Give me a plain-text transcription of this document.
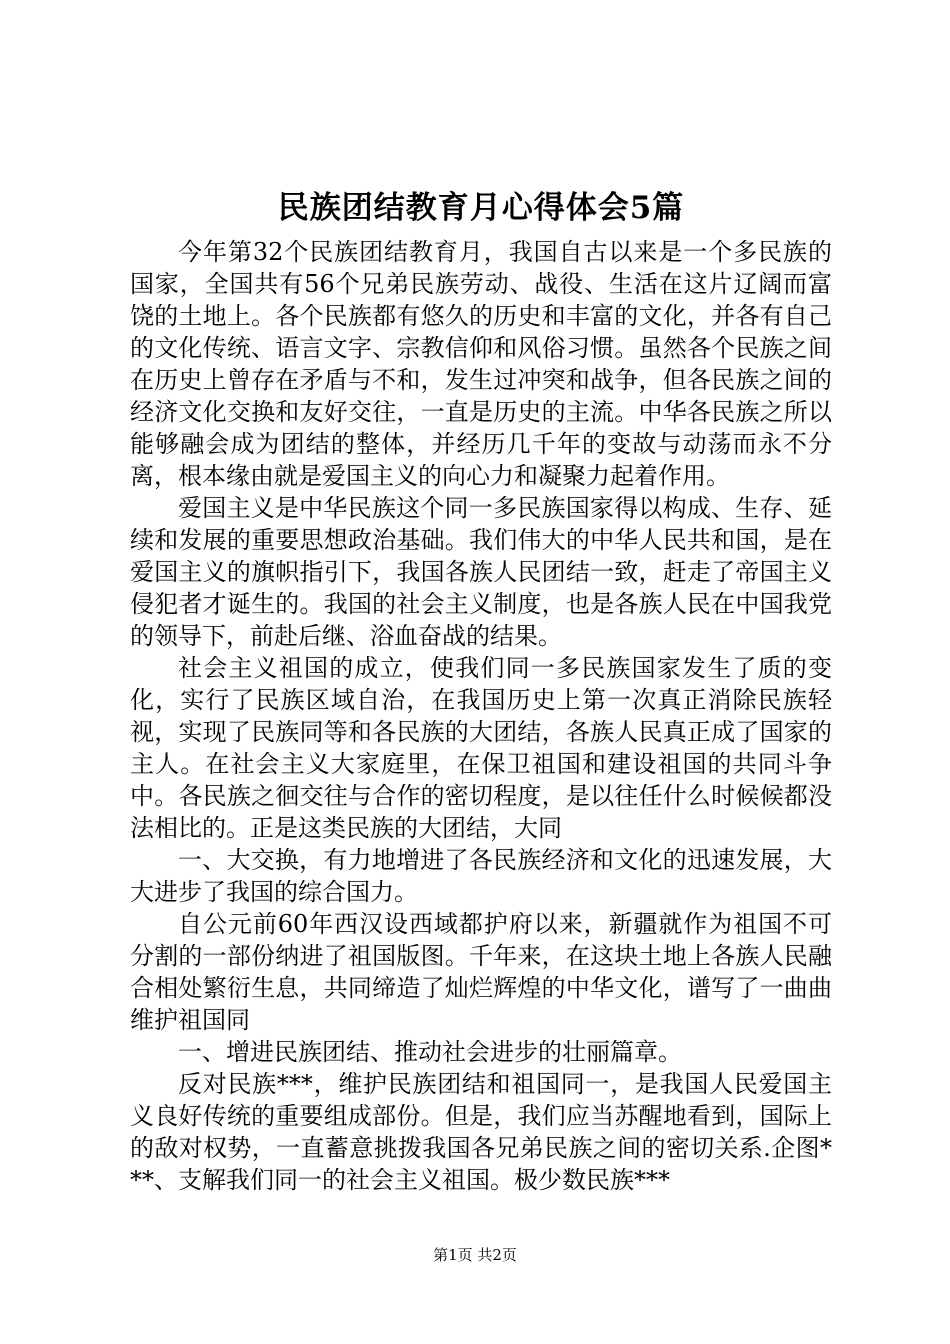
民族团结教育月心得体会5篇

今年第32个民族团结教育月，我国自古以来是一个多民族的国家，全国共有56个兄弟民族劳动、战役、生活在这片辽阔而富饶的土地上。各个民族都有悠久的历史和丰富的文化，并各有自己的文化传统、语言文字、宗教信仰和风俗习惯。虽然各个民族之间在历史上曾存在矛盾与不和，发生过冲突和战争，但各民族之间的经济文化交换和友好交往，一直是历史的主流。中华各民族之所以能够融会成为团结的整体，并经历几千年的变故与动荡而永不分离，根本缘由就是爱国主义的向心力和凝聚力起着作用。

爱国主义是中华民族这个同一多民族国家得以构成、生存、延续和发展的重要思想政治基础。我们伟大的中华人民共和国，是在爱国主义的旗帜指引下，我国各族人民团结一致，赶走了帝国主义侵犯者才诞生的。我国的社会主义制度，也是各族人民在中国我党的领导下，前赴后继、浴血奋战的结果。

社会主义祖国的成立，使我们同一多民族国家发生了质的变化，实行了民族区域自治，在我国历史上第一次真正消除民族轻视，实现了民族同等和各民族的大团结，各族人民真正成了国家的主人。在社会主义大家庭里，在保卫祖国和建设祖国的共同斗争中。各民族之徊交往与合作的密切程度，是以往任什么时候候都没法相比的。正是这类民族的大团结，大同

一、大交换，有力地增进了各民族经济和文化的迅速发展，大大进步了我国的综合国力。

自公元前60年西汉设西域都护府以来，新疆就作为祖国不可分割的一部份纳进了祖国版图。千年来，在这块土地上各族人民融合相处繁衍生息，共同缔造了灿烂辉煌的中华文化，谱写了一曲曲维护祖国同

一、增进民族团结、推动社会进步的壮丽篇章。

反对民族***，维护民族团结和祖国同一，是我国人民爱国主义良好传统的重要组成部份。但是，我们应当苏醒地看到，国际上的敌对权势，一直蓄意挑拨我国各兄弟民族之间的密切关系.企图***、支解我们同一的社会主义祖国。极少数民族***

第1页 共2页
